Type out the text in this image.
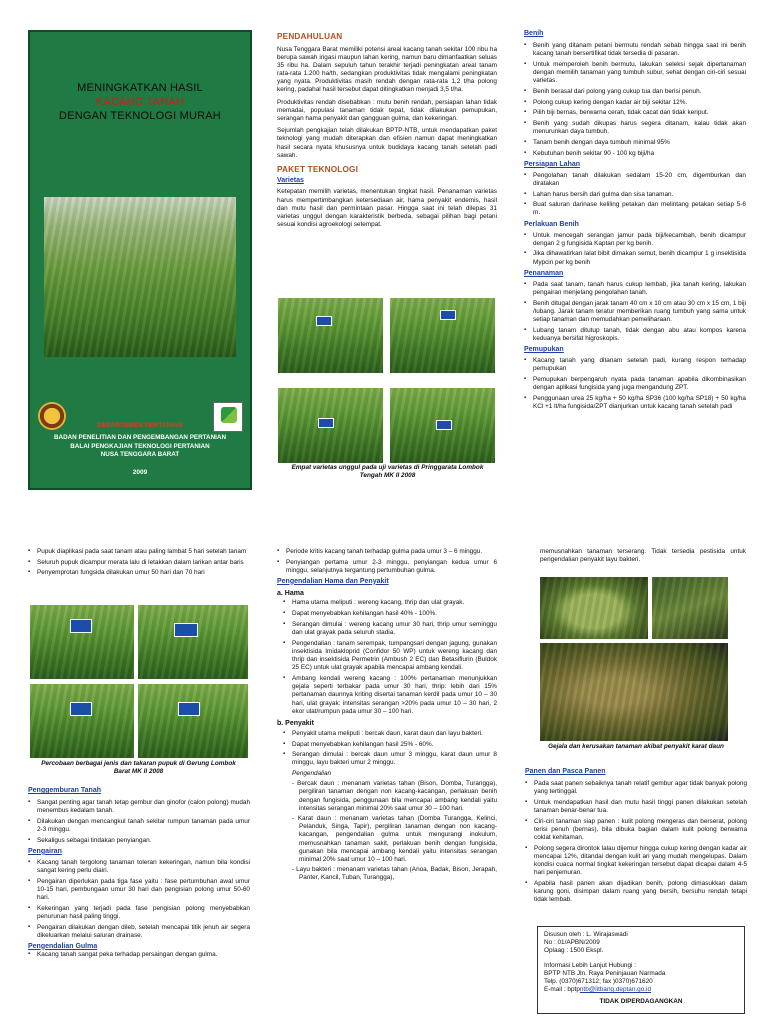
MENINGKATKAN HASIL
KACANG TANAH
DENGAN TEKNOLOGI MURAH
DEPARTEMEN PERTANIAN
BADAN PENELITIAN DAN PENGEMBANGAN PERTANIAN
BALAI PENGKAJIAN TEKNOLOGI PERTANIAN
NUSA TENGGARA BARAT
2009
PENDAHULUAN

Nusa Tenggara Barat memiliki potensi areal kacang tanah sekitar 100 ribu ha berupa sawah irigasi maupun lahan kering, namun baru dimanfaatkan seluas 35 ribu ha. Dalam sepuluh tahun terakhir terjadi peningkatan areal tanam rata-rata 1.200 ha/th, sedangkan produktivitas tidak mengalami peningkatan yang nyata. Produktivitas masih rendah dengan rata-rata 1,2 t/ha polong kering, padahal hasil tersebut dapat ditingkatkan menjadi 3,5 t/ha.

Produktivitas rendah disebabkan : mutu benih rendah, persiapan lahan tidak memadai, populasi tanaman tidak tepat, tidak dilakukan pemupukan, serangan hama penyakit dan gangguan gulma, dan kekeringan.

Sejumlah pengkajian telah dilakukan BPTP-NTB, untuk mendapatkan paket teknologi yang mudah diterapkan dan efisien namun dapat meningkatkan hasil secara nyata khususnya untuk budidaya kacang tanah setelah padi sawah.

PAKET TEKNOLOGI
Varietas

Ketepatan memilih varietas, menentukan tingkat hasil. Penanaman varietas harus mempertimbangkan ketersediaan air, hama penyakit endemis, hasil dan mutu hasil dan permintaan pasar. Hingga saat ini telah dilepas 31 varietas unggul dengan karakteristik berbeda, sebagai pilihan bagi petani sesuai kondisi agroekologi setempat.

Empat varietas unggul pada uji varietas di Pringgarata Lombok Tengah MK II 2008
Benih
▪ Benih yang ditanam petani bermutu rendah sebab hingga saat ini benih kacang tanah bersertifikat tidak tersedia di pasaran.
▪ Untuk memperoleh benih bermutu, lakukan seleksi sejak dipertanaman dengan memilih tanaman yang tumbuh subur, sehat dengan ciri-ciri sesuai varietas.
▪ Benih berasal dari polong yang cukup tua dan berisi penuh.
▪ Polong cukup kering dengan kadar air biji sekitar 12%.
▪ Pilih biji bernas, berwarna cerah, tidak cacat dan tidak keriput.
▪ Benih yang sudah dikupas harus segera ditanam, kalau tidak akan menurunkan daya tumbuh.
▪ Tanam benih dengan daya tumbuh minimal 95%
▪ Kebutuhan benih sekitar 90 - 100 kg biji/ha
Persiapan Lahan
▪ Pengolahan tanah dilakukan sedalam 15-20 cm, digemburkan dan diratakan
▪ Lahan harus bersih dari gulma dan sisa tanaman.
▪ Buat saluran darinase keliling petakan dan melintang petakan setiap 5-6 m.
Perlakuan Benih
▪ Untuk mencegah serangan jamur pada biji/kecambah, benih dicampur dengan 2 g fungisida Kaptan per kg benih.
▪ Jika dihawatirkan lalat bibit dimakan semut, benih dicampur 1 g insektisida Mypcin per kg benih
Penanaman
▪ Pada saat tanam, tanah harus cukup lembab, jika tanah kering, lakukan pengairan menjelang pengolahan tanah.
▪ Benih ditugal dengan jarak tanam 40 cm x 10 cm atau 30 cm x 15 cm, 1 biji /lubang. Jarak tanam teratur memberikan ruang tumbuh yang sama untuk setiap tanaman dan memudahkan pemeliharaan.
▪ Lubang tanam ditutup tanah, tidak dengan abu atau kompos karena keduanya bersifat higroskopis.
Pemupukan
▪ Kacang tanah yang ditanam setelah padi, kurang respon terhadap pemupukan
▪ Pemupukan berpengaruh nyata pada tanaman apabila dikombinasikan dengan aplikasi fungisida yang juga mengandung ZPT.
▪ Penggunaan urea 25 kg/ha + 50 kg/ha SP36 (100 kg/ha SP18) + 50 kg/ha KCl +1 lt/ha fungisida/ZPT dianjurkan untuk kacang tanah setelah padi
▪ Pupuk diaplikasi pada saat tanam atau paling lambat 5 hari setelah tanam
▪ Seluruh pupuk dicampur merata lalu di letakkan dalam larikan antar baris
▪ Penyemprotan fungsida dilakukan umur 50 hari dan 70 hari
Percobaan berbagai jenis dan takaran pupuk di Gerung Lombok Barat MK II 2008
Penggemburan Tanah
▪ Sangat penting agar tanah tetap gembur dan ginofor (calon polong) mudah menembus kedalam tanah.
▪ Dilakukan dengan mencangkul tanah sekitar rumpun tanaman pada umur 2-3 minggu.
▪ Sekaligus sebagai tindakan penyiangan.
Pengairan
▪ Kacang tanah tergolong tanaman toleran kekeringan, namun bila kondisi sangat kering perlu diairi.
▪ Pengairan diperlukan pada tiga fase yaitu : fase pertumbuhan awal umur 10-15 hari, pembungaan umur 30 hari dan pengisian polong umur 50-60 hari.
▪ Kekeringan yang terjadi pada fase pengisian polong menyebabkan penurunan hasil paling tinggi.
▪ Pengairan dilakukan dengan dileb, setelah mencapai titik jenuh air segera dikeluarkan melalui saluran drainase.
Pengendalian Gulma
▪ Kacang tanah sangat peka terhadap persaingan dengan gulma.
▪ Periode kritis kacang tanah terhadap gulma pada umur 3 – 6 minggu.
▪ Penyiangan pertama umur 2-3 minggu, penyiangan kedua umur 6 minggu, selanjutnya tergantung pertumbuhan gulma.
Pengendalian Hama dan Penyakit
a. Hama
▪ Hama utama meliputi : wereng kacang, thrip dan ulat grayak.
▪ Dapat menyebabkan kehilangan hasil 40% - 100%.
▪ Serangan dimulai : wereng kacang umur 30 hari, thrip umur seminggu dan ulat grayak pada seluruh stadia.
▪ Pengendalian : tanam serempak, tumpangsari dengan jagung, gunakan insektisida Imidakloprid (Confidor 50 WP) untuk wereng kacang dan thrip dan insektisida Permetrin (Ambush 2 EC) dan Betasiflurin (Buldok 25 EC) untuk ulat grayak apabila mencapai ambang kendali.
▪ Ambang kendali wereng kacang : 100% pertanaman menunjukkan gejala seperti terbakar pada umur 30 hari, thrip: lebih dari 15% pertanaman daunnya kriting disertai tanaman kerdil pada umur 10 – 30 hari, ulat grayak: intensitas serangan >20% pada umur 10 – 30 hari, 2 ekor ulat/rumpun pada umur 30 – 100 hari.
b. Penyakit
▪ Penyakit utama meliputi : bercak daun, karat daun dan layu bakteri.
▪ Dapat menyebabkan kehilangan hasil 25% - 60%.
▪ Serangan dimulai : bercak daun umur 3 minggu, karat daun umur 8 minggu, layu bakteri umur 2 minggu.
Pengendalian

- Bercak daun : menanam varietas tahan (Bison, Domba, Turangga), pergiliran tanaman dengan non kacang-kacangan, perlakuan benih dengan fungisida, penggunaan bila mencapai ambang kendali yaitu intensitas serangan minimal 20% saat umur 30 – 100 hari.

- Karat daun : menanam varietas tahan (Domba Turangga, Kelinci, Pelanduk, Singa, Tapir), pergiliran tanaman dengan non kacang-kacangan, pengendalian gulma untuk mengurangi inokulum, memusnahkan tanaman sakit, perlakuan benih dengan fungisida, gunakan bila mencapai ambang kendali yaitu intensitas serangan minimal 20% saat umur 10 – 100 hari.

- Layu bakteri : menanam varietas tahan (Anoa, Badak, Bison, Jerapah, Panter, Kancil, Tuban, Turangga),

memusnahkan tanaman terserang. Tidak tersedia pestisida untuk pengendalian penyakit layu bakteri.

Gejala dan kerusakan tanaman akibat penyakit karat daun
Panen dan Pasca Panen
▪ Pada saat panen sebaiknya tanah relatif gembur agar tidak banyak polong yang tertinggal.
▪ Untuk mendapatkan hasil dan mutu hasil tinggi panen dilakukan setelah tanaman benar-benar tua.
▪ Ciri-ciri tanaman siap panen : kulit polong mengeras dan berserat, polong terisi penuh (bernas), bila dibuka bagian dalam kulit polong berwarna coklat kehitaman.
▪ Polong segera dirontok lalau dijemur hingga cukup kering dengan kadar air mencapai 12%, ditandai dengan kulit ari yang mudah mengelupas. Dalam kondisi cuaca normal tingkat kekeringan tersebut dapat dicapai dalam 4-5 hari penjemuran.
▪ Apabila hasil panen akan dijadikan benih, polong dimasukkan dalam karung goni, disimpan dalam ruang yang bersih, bersuhu rendah tetapi tidak lembab.
Disusun oleh : L. Wirajaswadi
No : 01/APBN/2009
Oplaag : 1500 Ekspl.
Informasi Lebih Lanjut Hubungi :
BPTP NTB Jln. Raya Peninjauan Narmada
Telp. (0370)671312; fax )0370)671620
E-mail : bptpntb@litbang.deptan.go.id
TIDAK DIPERDAGANGKAN
